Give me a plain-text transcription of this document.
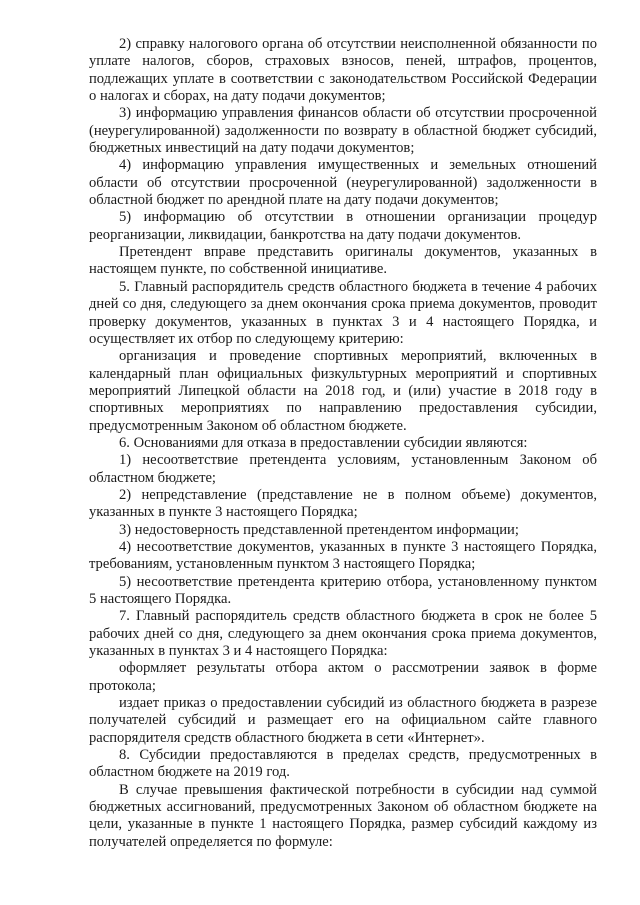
2) справку налогового органа об отсутствии неисполненной обязанности по уплате налогов, сборов, страховых взносов, пеней, штрафов, процентов, подлежащих уплате в соответствии с законодательством Российской Федерации о налогах и сборах, на дату подачи документов;

3) информацию управления финансов области об отсутствии просроченной (неурегулированной) задолженности по возврату в областной бюджет субсидий, бюджетных инвестиций на дату подачи документов;

4) информацию управления имущественных и земельных отношений области об отсутствии просроченной (неурегулированной) задолженности в областной бюджет по арендной плате на дату подачи документов;

5) информацию об отсутствии в отношении организации процедур реорганизации, ликвидации, банкротства на дату подачи документов.

Претендент вправе представить оригиналы документов, указанных в настоящем пункте, по собственной инициативе.

5. Главный распорядитель средств областного бюджета в течение 4 рабочих дней со дня, следующего за днем окончания срока приема документов, проводит проверку документов, указанных в пунктах 3 и 4 настоящего Порядка, и осуществляет их отбор по следующему критерию:

организация и проведение спортивных мероприятий, включенных в календарный план официальных физкультурных мероприятий и спортивных мероприятий Липецкой области на 2018 год, и (или) участие в 2018 году в спортивных мероприятиях по направлению предоставления субсидии, предусмотренным Законом об областном бюджете.

6. Основаниями для отказа в предоставлении субсидии являются:

1) несоответствие претендента условиям, установленным Законом об областном бюджете;

2) непредставление (представление не в полном объеме) документов, указанных в пункте 3 настоящего Порядка;

3) недостоверность представленной претендентом информации;

4) несоответствие документов, указанных в пункте 3 настоящего Порядка, требованиям, установленным пунктом 3 настоящего Порядка;

5) несоответствие претендента критерию отбора, установленному пунктом 5 настоящего Порядка.

7. Главный распорядитель средств областного бюджета в срок не более 5 рабочих дней со дня, следующего за днем окончания срока приема документов, указанных в пунктах 3 и 4 настоящего Порядка:

оформляет результаты отбора актом о рассмотрении заявок в форме протокола;

издает приказ о предоставлении субсидий из областного бюджета в разрезе получателей субсидий и размещает его на официальном сайте главного распорядителя средств областного бюджета в сети «Интернет».

8. Субсидии предоставляются в пределах средств, предусмотренных в областном бюджете на 2019 год.

В случае превышения фактической потребности в субсидии над суммой бюджетных ассигнований, предусмотренных Законом об областном бюджете на цели, указанные в пункте 1 настоящего Порядка, размер субсидий каждому из получателей определяется по формуле:
